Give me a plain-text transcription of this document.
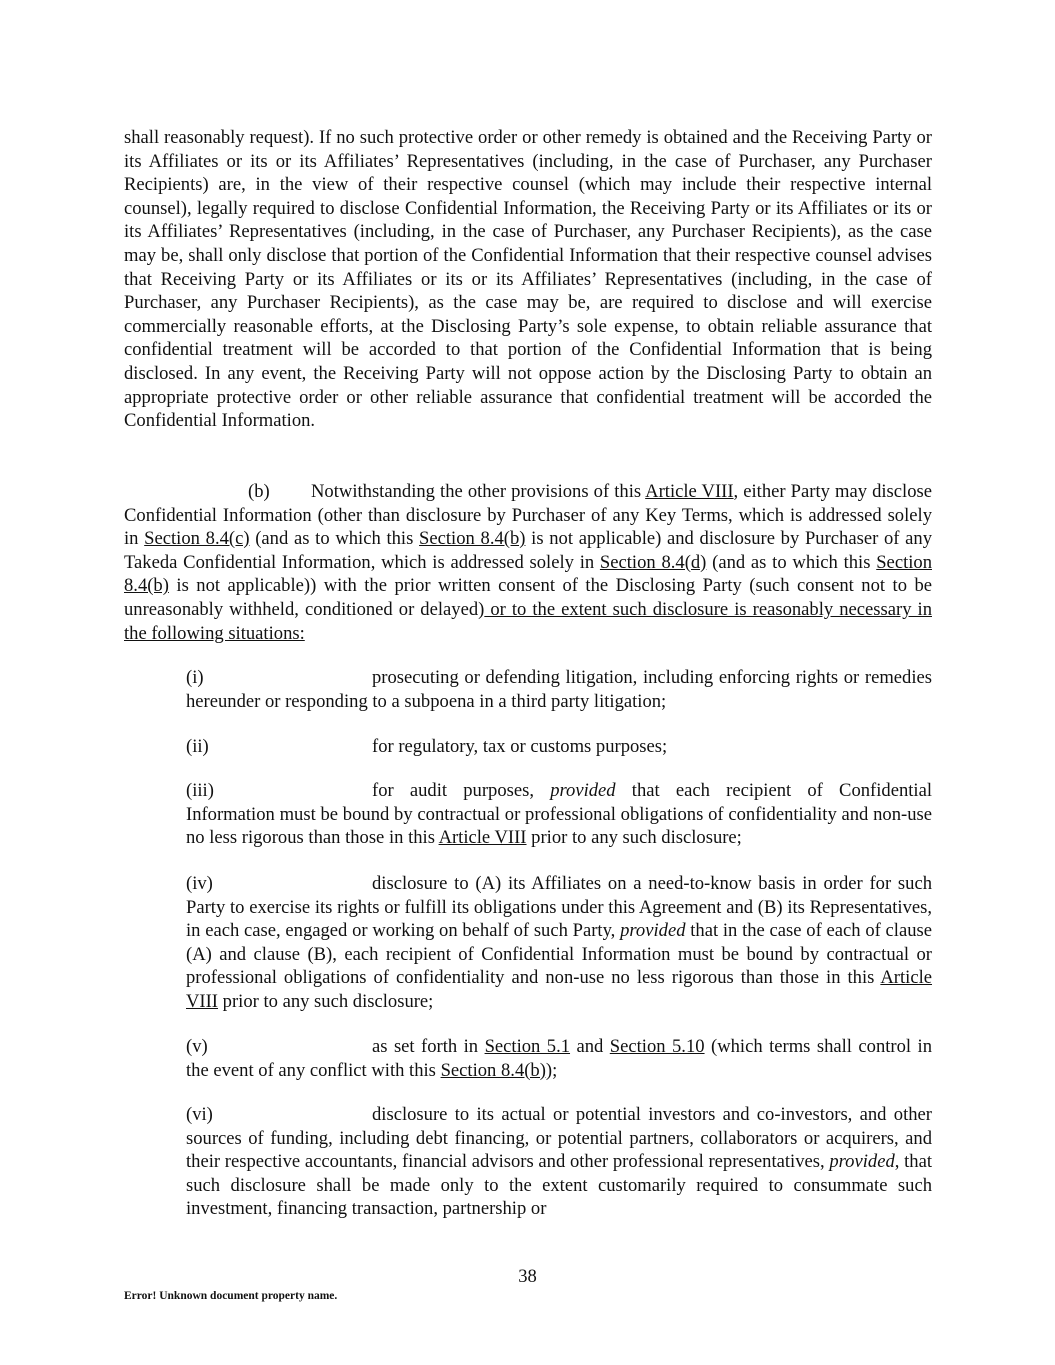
shall reasonably request). If no such protective order or other remedy is obtained and the Receiving Party or its Affiliates or its or its Affiliates’ Representatives (including, in the case of Purchaser, any Purchaser Recipients) are, in the view of their respective counsel (which may include their respective internal counsel), legally required to disclose Confidential Information, the Receiving Party or its Affiliates or its or its Affiliates’ Representatives (including, in the case of Purchaser, any Purchaser Recipients), as the case may be, shall only disclose that portion of the Confidential Information that their respective counsel advises that Receiving Party or its Affiliates or its or its Affiliates’ Representatives (including, in the case of Purchaser, any Purchaser Recipients), as the case may be, are required to disclose and will exercise commercially reasonable efforts, at the Disclosing Party’s sole expense, to obtain reliable assurance that confidential treatment will be accorded to that portion of the Confidential Information that is being disclosed. In any event, the Receiving Party will not oppose action by the Disclosing Party to obtain an appropriate protective order or other reliable assurance that confidential treatment will be accorded the Confidential Information.

(b) Notwithstanding the other provisions of this Article VIII, either Party may disclose Confidential Information (other than disclosure by Purchaser of any Key Terms, which is addressed solely in Section 8.4(c) (and as to which this Section 8.4(b) is not applicable) and disclosure by Purchaser of any Takeda Confidential Information, which is addressed solely in Section 8.4(d) (and as to which this Section 8.4(b) is not applicable)) with the prior written consent of the Disclosing Party (such consent not to be unreasonably withheld, conditioned or delayed) or to the extent such disclosure is reasonably necessary in the following situations:

(i)	prosecuting or defending litigation, including enforcing rights or remedies hereunder or responding to a subpoena in a third party litigation;

(ii)	for regulatory, tax or customs purposes;

(iii)	for audit purposes, provided that each recipient of Confidential Information must be bound by contractual or professional obligations of confidentiality and non-use no less rigorous than those in this Article VIII prior to any such disclosure;

(iv)	disclosure to (A) its Affiliates on a need-to-know basis in order for such Party to exercise its rights or fulfill its obligations under this Agreement and (B) its Representatives, in each case, engaged or working on behalf of such Party, provided that in the case of each of clause (A) and clause (B), each recipient of Confidential Information must be bound by contractual or professional obligations of confidentiality and non-use no less rigorous than those in this Article VIII prior to any such disclosure;

(v)	as set forth in Section 5.1 and Section 5.10 (which terms shall control in the event of any conflict with this Section 8.4(b));

(vi)	disclosure to its actual or potential investors and co-investors, and other sources of funding, including debt financing, or potential partners, collaborators or acquirers, and their respective accountants, financial advisors and other professional representatives, provided, that such disclosure shall be made only to the extent customarily required to consummate such investment, financing transaction, partnership or

38
Error! Unknown document property name.
